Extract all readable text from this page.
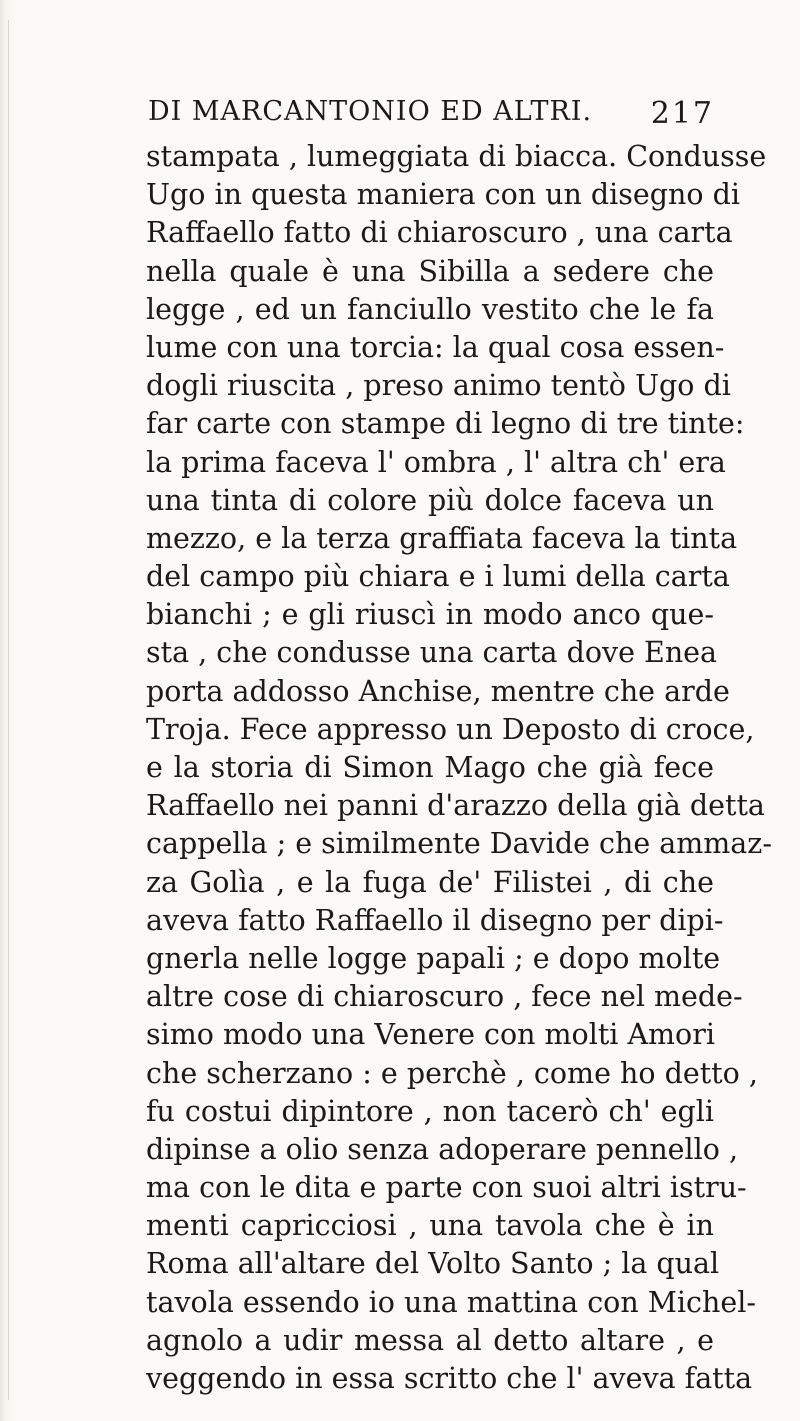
DI MARCANTONIO ED ALTRI. 217
stampata , lumeggiata di biacca. Condusse
Ugo in questa maniera con un disegno di
Raffaello fatto di chiaroscuro , una carta
nella quale è una Sibilla a sedere che
legge , ed un fanciullo vestito che le fa
lume con una torcia: la qual cosa essen-
dogli riuscita , preso animo tentò Ugo di
far carte con stampe di legno di tre tinte:
la prima faceva l' ombra , l' altra ch' era
una tinta di colore più dolce faceva un
mezzo, e la terza graffiata faceva la tinta
del campo più chiara e i lumi della carta
bianchi ; e gli riuscì in modo anco que-
sta , che condusse una carta dove Enea
porta addosso Anchise, mentre che arde
Troja. Fece appresso un Deposto di croce,
e la storia di Simon Mago che già fece
Raffaello nei panni d'arazzo della già detta
cappella ; e similmente Davide che ammaz-
za Golìa , e la fuga de' Filistei , di che
aveva fatto Raffaello il disegno per dipi-
gnerla nelle logge papali ; e dopo molte
altre cose di chiaroscuro , fece nel mede-
simo modo una Venere con molti Amori
che scherzano : e perchè , come ho detto ,
fu costui dipintore , non tacerò ch' egli
dipinse a olio senza adoperare pennello ,
ma con le dita e parte con suoi altri istru-
menti capricciosi , una tavola che è in
Roma all'altare del Volto Santo ; la qual
tavola essendo io una mattina con Michel-
agnolo a udir messa al detto altare , e
veggendo in essa scritto che l' aveva fatta
